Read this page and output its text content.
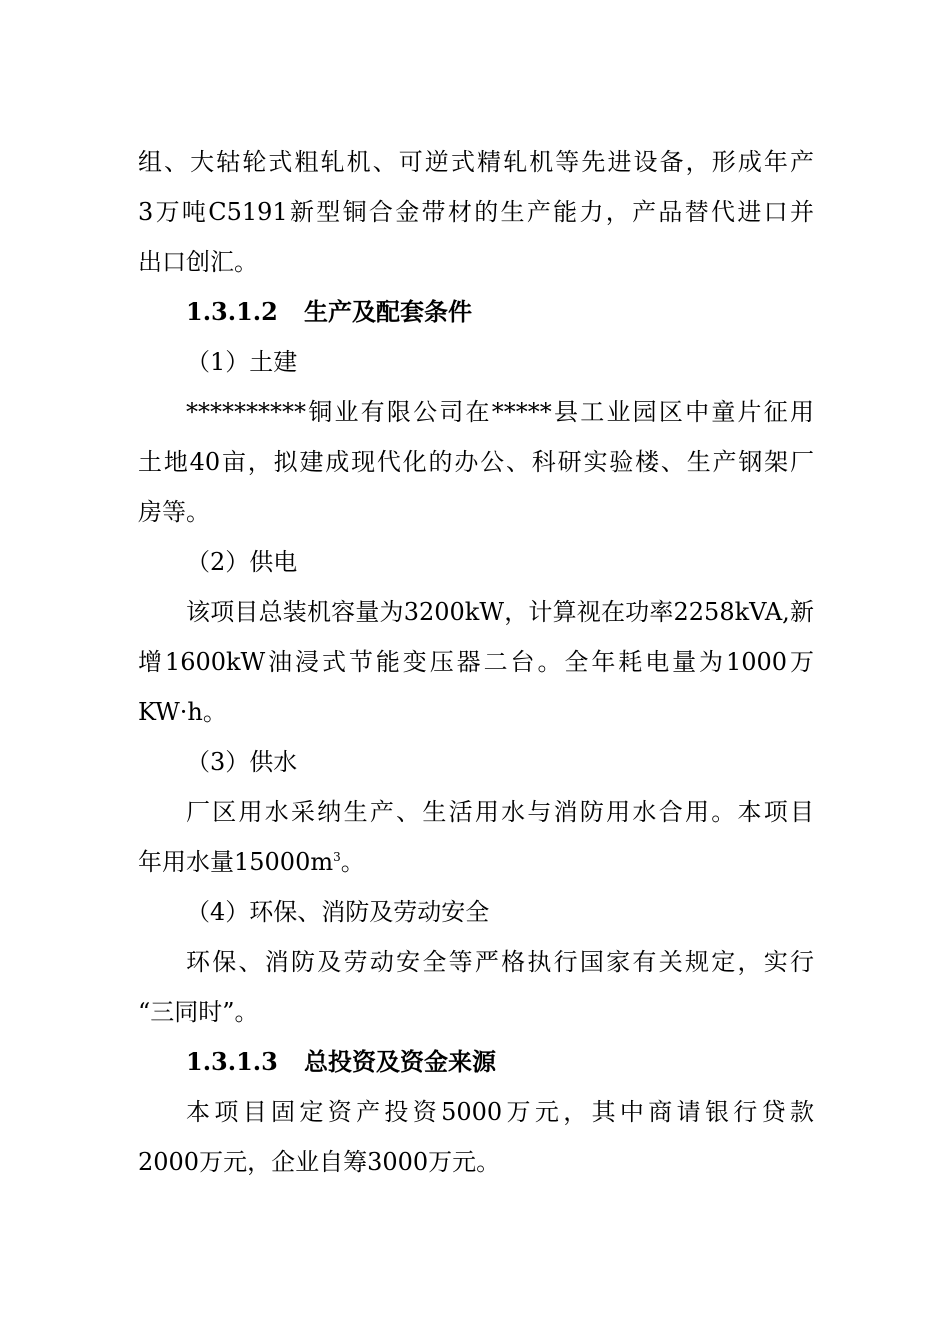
组、大轱轮式粗轧机、可逆式精轧机等先进设备，形成年产
3万吨C5191新型铜合金带材的生产能力，产品替代进口并
出口创汇。
1.3.1.2 生产及配套条件
（1）土建
**********铜业有限公司在*****县工业园区中童片征用
土地40亩，拟建成现代化的办公、科研实验楼、生产钢架厂
房等。
（2）供电
该项目总装机容量为3200kW，计算视在功率2258kVA,新
增1600kW油浸式节能变压器二台。全年耗电量为1000万
KW·h。
（3）供水
厂区用水采纳生产、生活用水与消防用水合用。本项目
年用水量$15000m^3$。
（4）环保、消防及劳动安全
环保、消防及劳动安全等严格执行国家有关规定，实行
“三同时”。
1.3.1.3 总投资及资金来源
本项目固定资产投资5000万元，其中商请银行贷款
2000万元，企业自筹3000万元。
